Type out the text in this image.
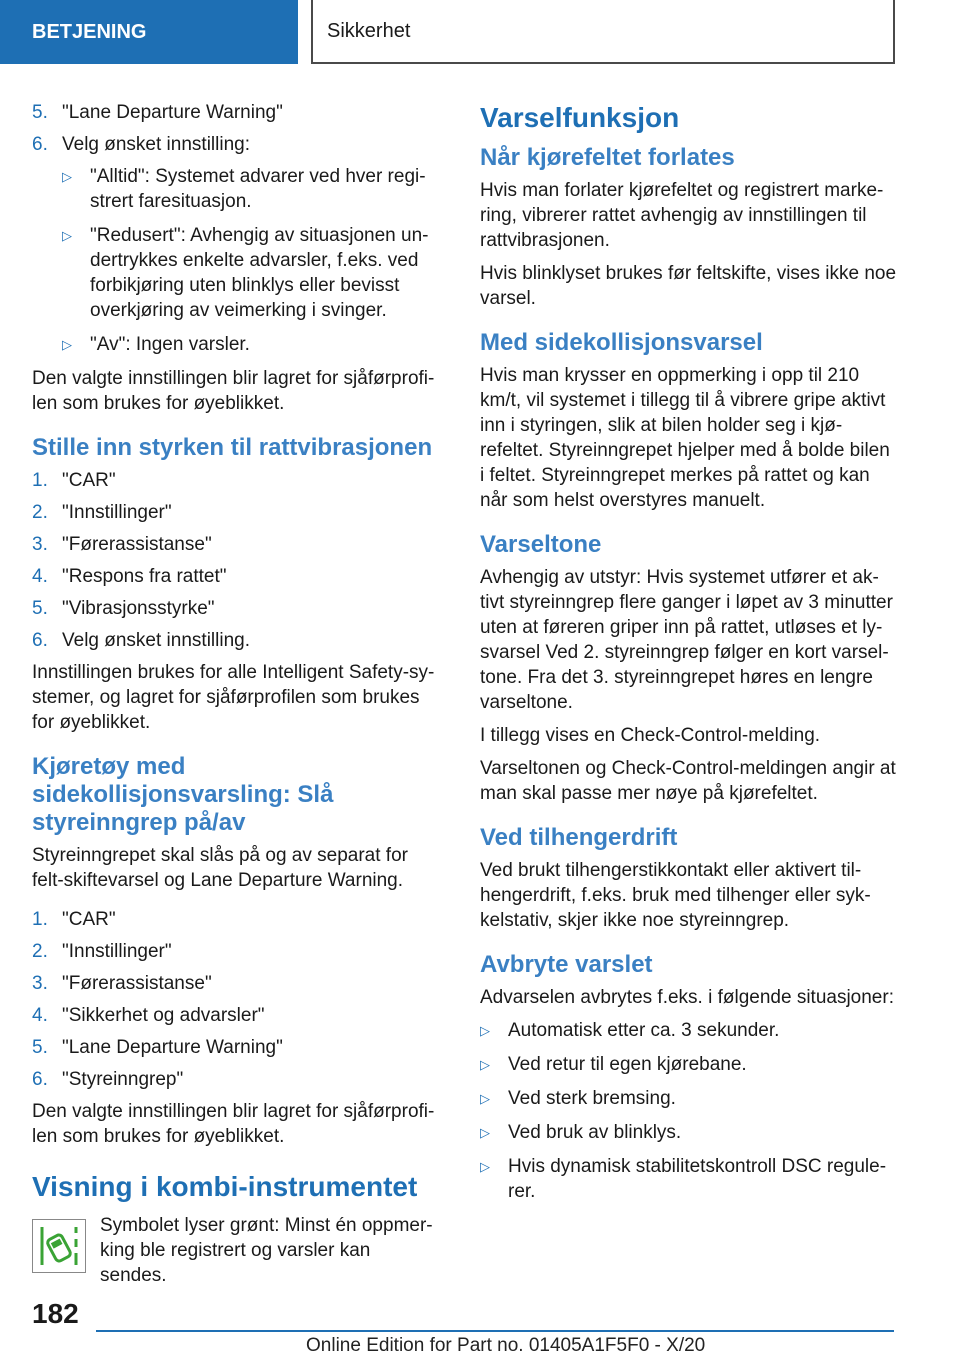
BETJENING	Sikkerhet
5. "Lane Departure Warning"
6. Velg ønsket innstilling:
▷ "Alltid": Systemet advarer ved hver regi-strert faresituasjon.
▷ "Redusert": Avhengig av situasjonen un-dertrykkes enkelte advarsler, f.eks. ved forbikjøring uten blinklys eller bevisst overkjøring av veimerking i svinger.
▷ "Av": Ingen varsler.

Den valgte innstillingen blir lagret for sjåførprofi-len som brukes for øyeblikket.

Stille inn styrken til rattvibrasjonen
1. "CAR"
2. "Innstillinger"
3. "Førerassistanse"
4. "Respons fra rattet"
5. "Vibrasjonsstyrke"
6. Velg ønsket innstilling.

Innstillingen brukes for alle Intelligent Safety-sy-stemer, og lagret for sjåførprofilen som brukes for øyeblikket.

Kjøretøy med sidekollisjonsvarsling: Slå styreinngrep på/av

Styreinngrepet skal slås på og av separat for felt-skiftevarsel og Lane Departure Warning.

1. "CAR"
2. "Innstillinger"
3. "Førerassistanse"
4. "Sikkerhet og advarsler"
5. "Lane Departure Warning"
6. "Styreinngrep"

Den valgte innstillingen blir lagret for sjåførprofi-len som brukes for øyeblikket.

Visning i kombi-instrumentet
Symbolet lyser grønt: Minst én oppmer-king ble registrert og varsler kan sendes.
Varselfunksjon
Når kjørefeltet forlates

Hvis man forlater kjørefeltet og registrert marke-ring, vibrerer rattet avhengig av innstillingen til rattvibrasjonen.

Hvis blinklyset brukes før feltskifte, vises ikke noe varsel.

Med sidekollisjonsvarsel

Hvis man krysser en oppmerking i opp til 210 km/t, vil systemet i tillegg til å vibrere gripe aktivt inn i styringen, slik at bilen holder seg i kjø-refeltet. Styreinngrepet hjelper med å bolde bilen i feltet. Styreinngrepet merkes på rattet og kan når som helst overstyres manuelt.

Varseltone

Avhengig av utstyr: Hvis systemet utfører et ak-tivt styreinngrep flere ganger i løpet av 3 minutter uten at føreren griper inn på rattet, utløses et ly-svarsel Ved 2. styreinngrep følger en kort varsel-tone. Fra det 3. styreinngrepet høres en lengre varseltone.

I tillegg vises en Check-Control-melding.

Varseltonen og Check-Control-meldingen angir at man skal passe mer nøye på kjørefeltet.

Ved tilhengerdrift

Ved brukt tilhengerstikkontakt eller aktivert til-hengerdrift, f.eks. bruk med tilhenger eller syk-kelstativ, skjer ikke noe styreinngrep.

Avbryte varslet

Advarselen avbrytes f.eks. i følgende situasjoner:

▷ Automatisk etter ca. 3 sekunder.
▷ Ved retur til egen kjørebane.
▷ Ved sterk bremsing.
▷ Ved bruk av blinklys.
▷ Hvis dynamisk stabilitetskontroll DSC regule-rer.
182
Online Edition for Part no. 01405A1F5F0 - X/20
